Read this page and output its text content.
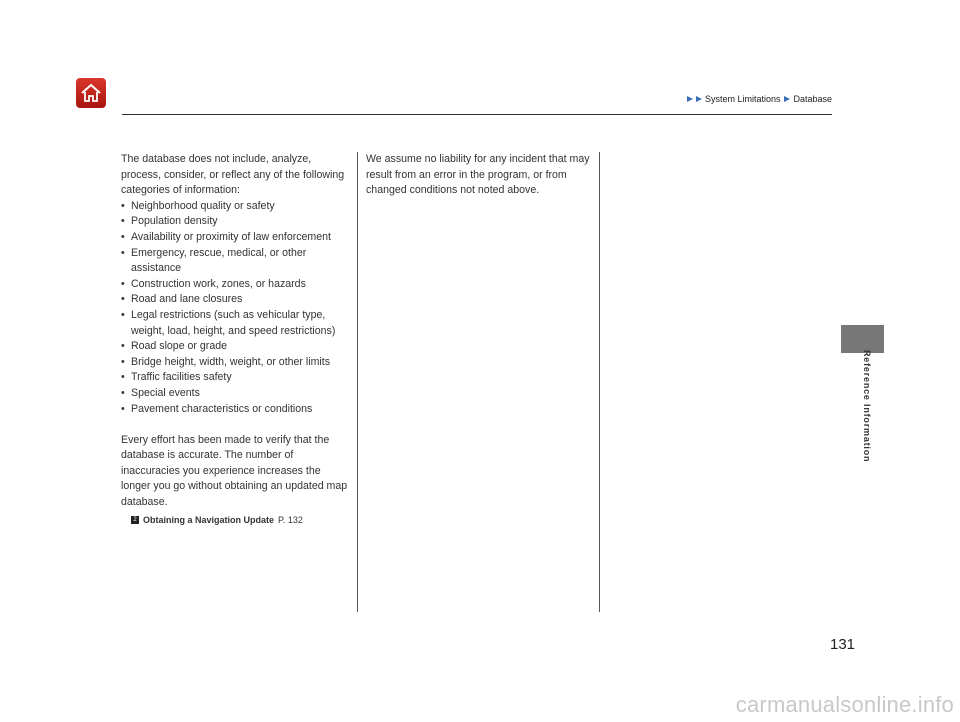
System Limitations Database
Reference Information

The database does not include, analyze, process, consider, or reflect any of the following categories of information:

• Neighborhood quality or safety
• Population density
• Availability or proximity of law enforcement
• Emergency, rescue, medical, or other assistance
• Construction work, zones, or hazards
• Road and lane closures
• Legal restrictions (such as vehicular type, weight, load, height, and speed restrictions)
• Road slope or grade
• Bridge height, width, weight, or other limits
• Traffic facilities safety
• Special events
• Pavement characteristics or conditions

Every effort has been made to verify that the database is accurate. The number of inaccuracies you experience increases the longer you go without obtaining an updated map database.

2 Obtaining a Navigation Update P. 132

We assume no liability for any incident that may result from an error in the program, or from changed conditions not noted above.

131
carmanualsonline.info
